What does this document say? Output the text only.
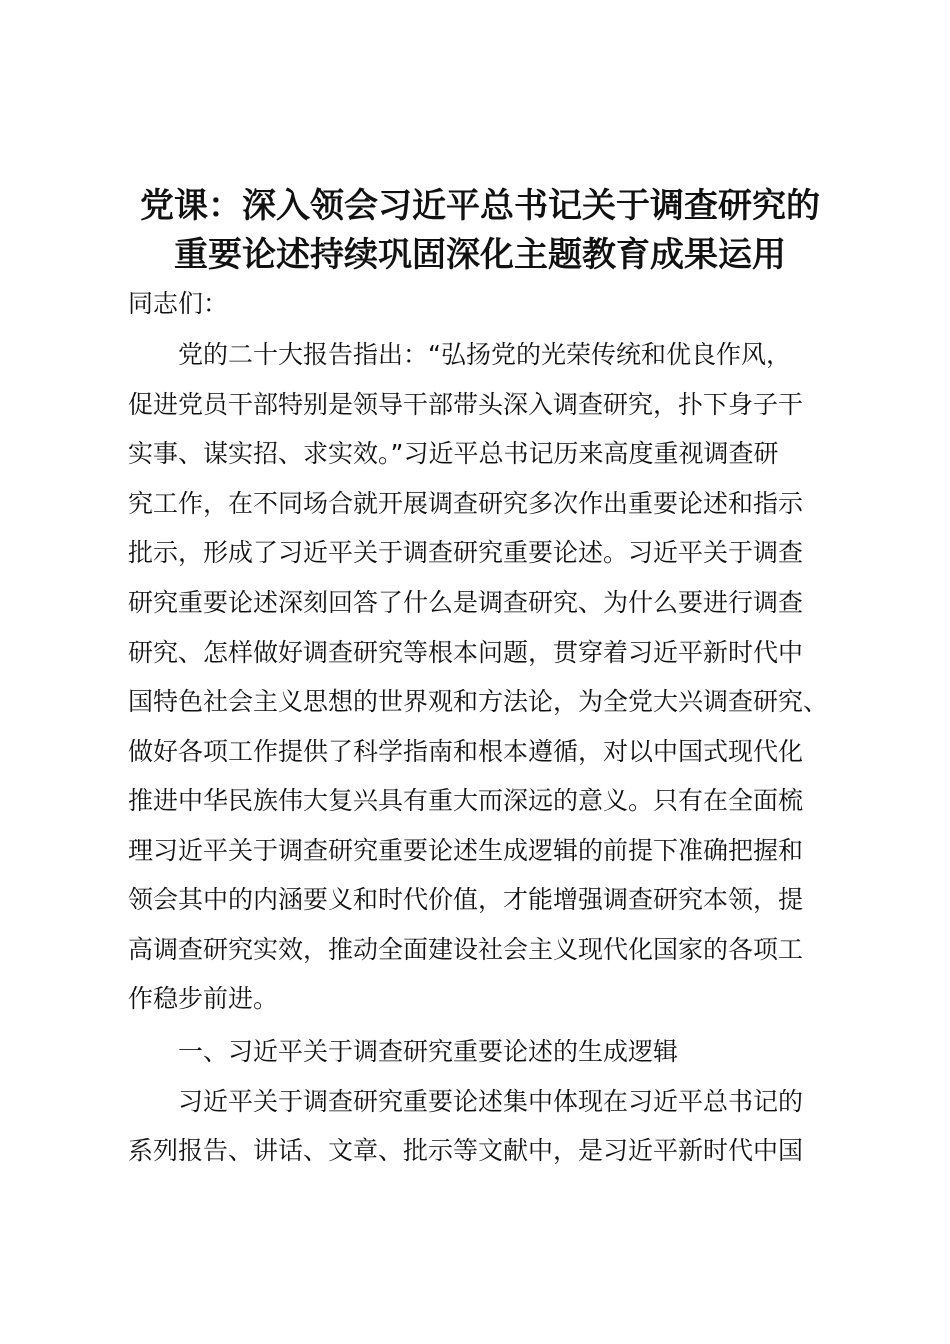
党课：深入领会习近平总书记关于调查研究的
重要论述持续巩固深化主题教育成果运用
同志们：
党的二十大报告指出：“弘扬党的光荣传统和优良作风，
促进党员干部特别是领导干部带头深入调查研究，扑下身子干
实事、谋实招、求实效。”习近平总书记历来高度重视调查研
究工作，在不同场合就开展调查研究多次作出重要论述和指示
批示，形成了习近平关于调查研究重要论述。习近平关于调查
研究重要论述深刻回答了什么是调查研究、为什么要进行调查
研究、怎样做好调查研究等根本问题，贯穿着习近平新时代中
国特色社会主义思想的世界观和方法论，为全党大兴调查研究、
做好各项工作提供了科学指南和根本遵循，对以中国式现代化
推进中华民族伟大复兴具有重大而深远的意义。只有在全面梳
理习近平关于调查研究重要论述生成逻辑的前提下准确把握和
领会其中的内涵要义和时代价值，才能增强调查研究本领，提
高调查研究实效，推动全面建设社会主义现代化国家的各项工
作稳步前进。
一、习近平关于调查研究重要论述的生成逻辑
习近平关于调查研究重要论述集中体现在习近平总书记的
系列报告、讲话、文章、批示等文献中，是习近平新时代中国
